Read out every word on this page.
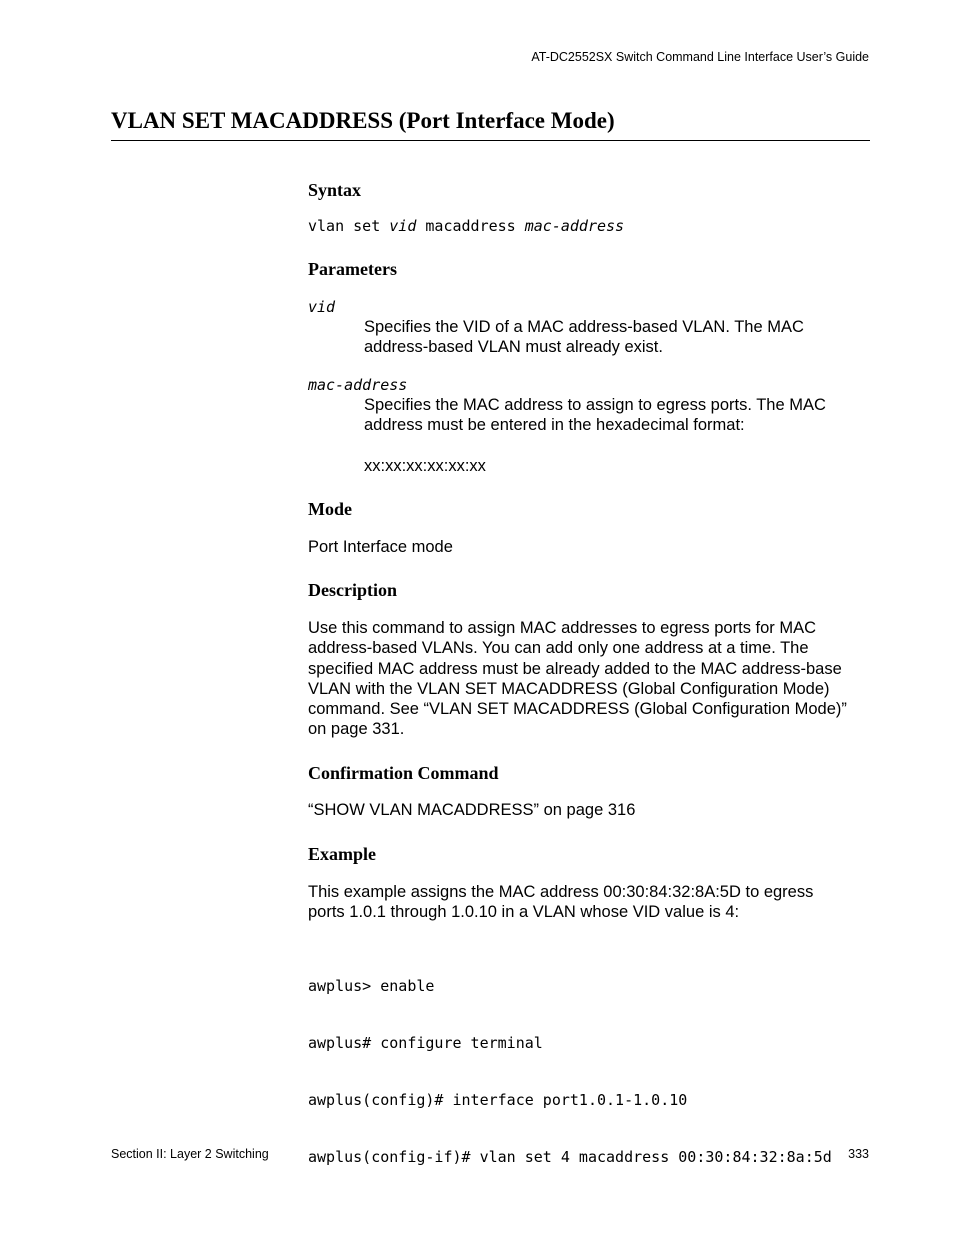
AT-DC2552SX Switch Command Line Interface User’s Guide
VLAN SET MACADDRESS (Port Interface Mode)
Syntax
vlan set vid macaddress mac-address
Parameters
vid
Specifies the VID of a MAC address-based VLAN. The MAC
address-based VLAN must already exist.
mac-address
Specifies the MAC address to assign to egress ports. The MAC
address must be entered in the hexadecimal format:
xx:xx:xx:xx:xx:xx
Mode
Port Interface mode
Description
Use this command to assign MAC addresses to egress ports for MAC
address-based VLANs. You can add only one address at a time. The
specified MAC address must be already added to the MAC address-base
VLAN with the VLAN SET MACADDRESS (Global Configuration Mode)
command. See “VLAN SET MACADDRESS (Global Configuration Mode)”
on page 331.
Confirmation Command
“SHOW VLAN MACADDRESS” on page 316
Example
This example assigns the MAC address 00:30:84:32:8A:5D to egress
ports 1.0.1 through 1.0.10 in a VLAN whose VID value is 4:

awplus> enable

awplus# configure terminal

awplus(config)# interface port1.0.1-1.0.10

awplus(config-if)# vlan set 4 macaddress 00:30:84:32:8a:5d

Section II: Layer 2 Switching	333
